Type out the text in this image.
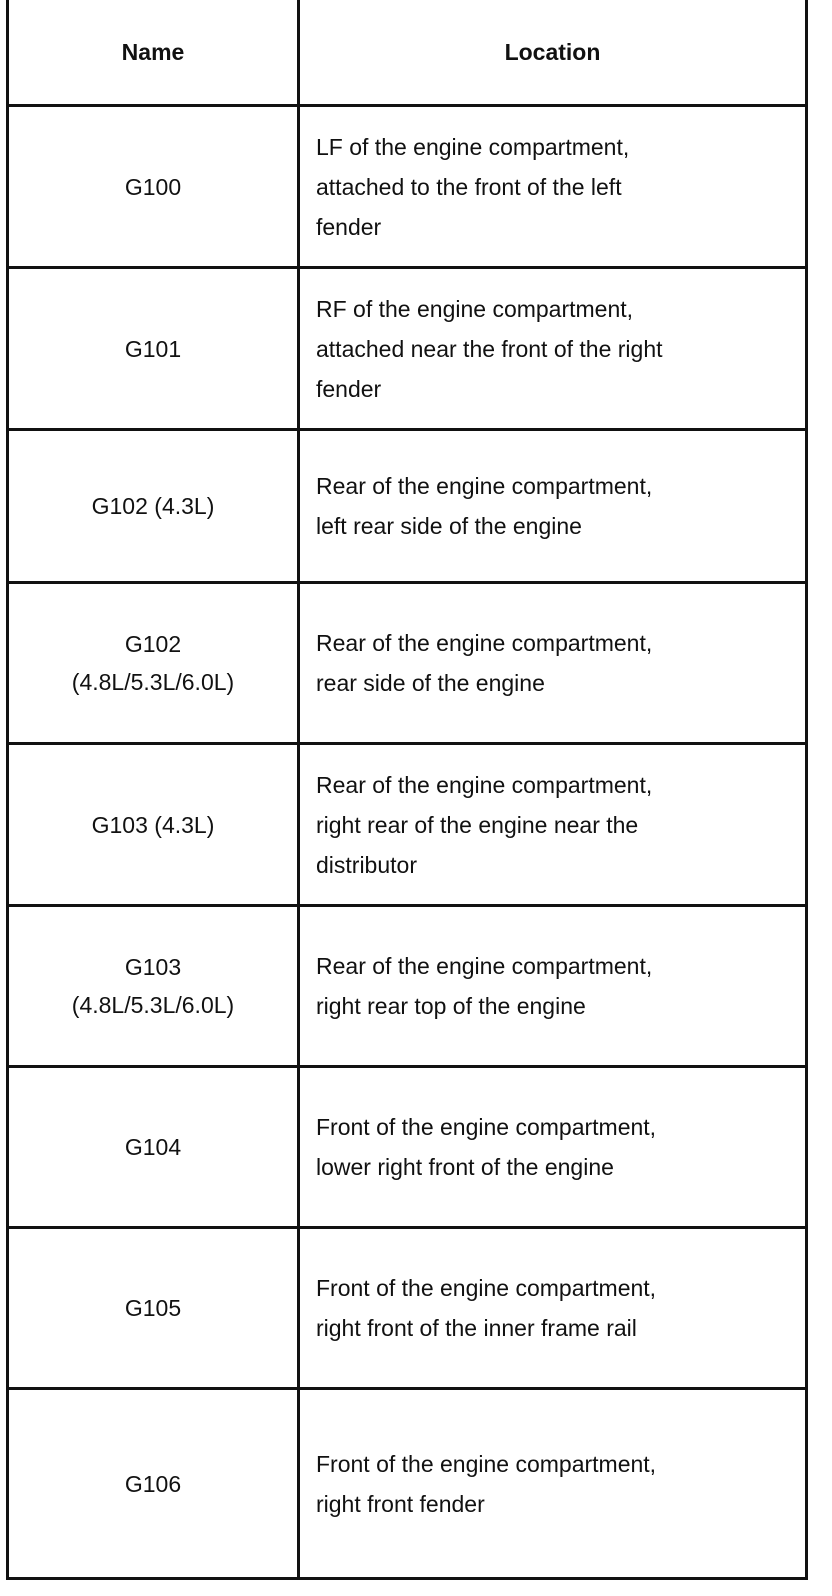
Name	Location
G100
LF of the engine compartment,
attached to the front of the left
fender
G101
RF of the engine compartment,
attached near the front of the right
fender
G102 (4.3L)
Rear of the engine compartment,
left rear side of the engine
G102
(4.8L/5.3L/6.0L)
Rear of the engine compartment,
rear side of the engine
G103 (4.3L)
Rear of the engine compartment,
right rear of the engine near the
distributor
G103
(4.8L/5.3L/6.0L)
Rear of the engine compartment,
right rear top of the engine
G104
Front of the engine compartment,
lower right front of the engine
G105
Front of the engine compartment,
right front of the inner frame rail
G106
Front of the engine compartment,
right front fender
